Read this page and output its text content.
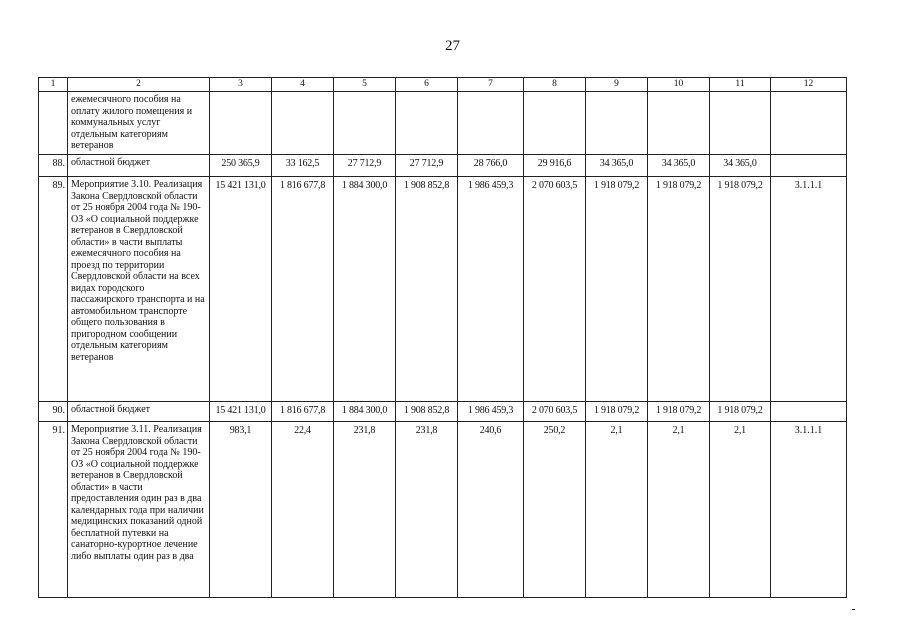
27
1	2	3	4	5	6	7	8	9	10	11	12
	ежемесячного пособия на оплату жилого помещения и коммунальных услуг отдельным категориям ветеранов										
88.	областной бюджет	250 365,9	33 162,5	27 712,9	27 712,9	28 766,0	29 916,6	34 365,0	34 365,0	34 365,0	
89.	Мероприятие 3.10. Реализация Закона Свердловской области от 25 ноября 2004 года № 190-ОЗ «О социальной поддержке ветеранов в Свердловской области» в части выплаты ежемесячного пособия на проезд по территории Свердловской области на всех видах городского пассажирского транспорта и на автомобильном транспорте общего пользования в пригородном сообщении отдельным категориям ветеранов	15 421 131,0	1 816 677,8	1 884 300,0	1 908 852,8	1 986 459,3	2 070 603,5	1 918 079,2	1 918 079,2	1 918 079,2	3.1.1.1
90.	областной бюджет	15 421 131,0	1 816 677,8	1 884 300,0	1 908 852,8	1 986 459,3	2 070 603,5	1 918 079,2	1 918 079,2	1 918 079,2	
91.	Мероприятие 3.11. Реализация Закона Свердловской области от 25 ноября 2004 года № 190-ОЗ «О социальной поддержке ветеранов в Свердловской области» в части предоставления один раз в два календарных года при наличии медицинских показаний одной бесплатной путевки на санаторно-курортное лечение либо выплаты один раз в два	983,1	22,4	231,8	231,8	240,6	250,2	2,1	2,1	2,1	3.1.1.1
